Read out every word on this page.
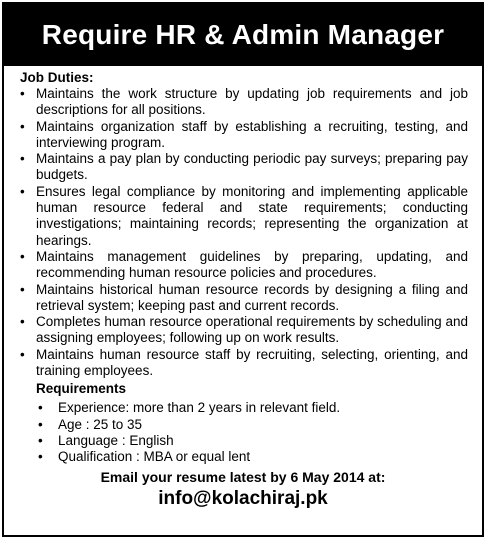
Require HR & Admin Manager
Job Duties:
• Maintains the work structure by updating job requirements and job descriptions for all positions.
• Maintains organization staff by establishing a recruiting, testing, and interviewing program.
• Maintains a pay plan by conducting periodic pay surveys; preparing pay budgets.
• Ensures legal compliance by monitoring and implementing applicable human resource federal and state requirements; conducting investigations; maintaining records; representing the organization at hearings.
• Maintains management guidelines by preparing, updating, and recommending human resource policies and procedures.
• Maintains historical human resource records by designing a filing and retrieval system; keeping past and current records.
• Completes human resource operational requirements by scheduling and assigning employees; following up on work results.
• Maintains human resource staff by recruiting, selecting, orienting, and training employees.
Requirements
• Experience: more than 2 years in relevant field.
• Age : 25 to 35
• Language : English
• Qualification : MBA or equal lent
Email your resume latest by 6 May 2014 at:
info@kolachiraj.pk
